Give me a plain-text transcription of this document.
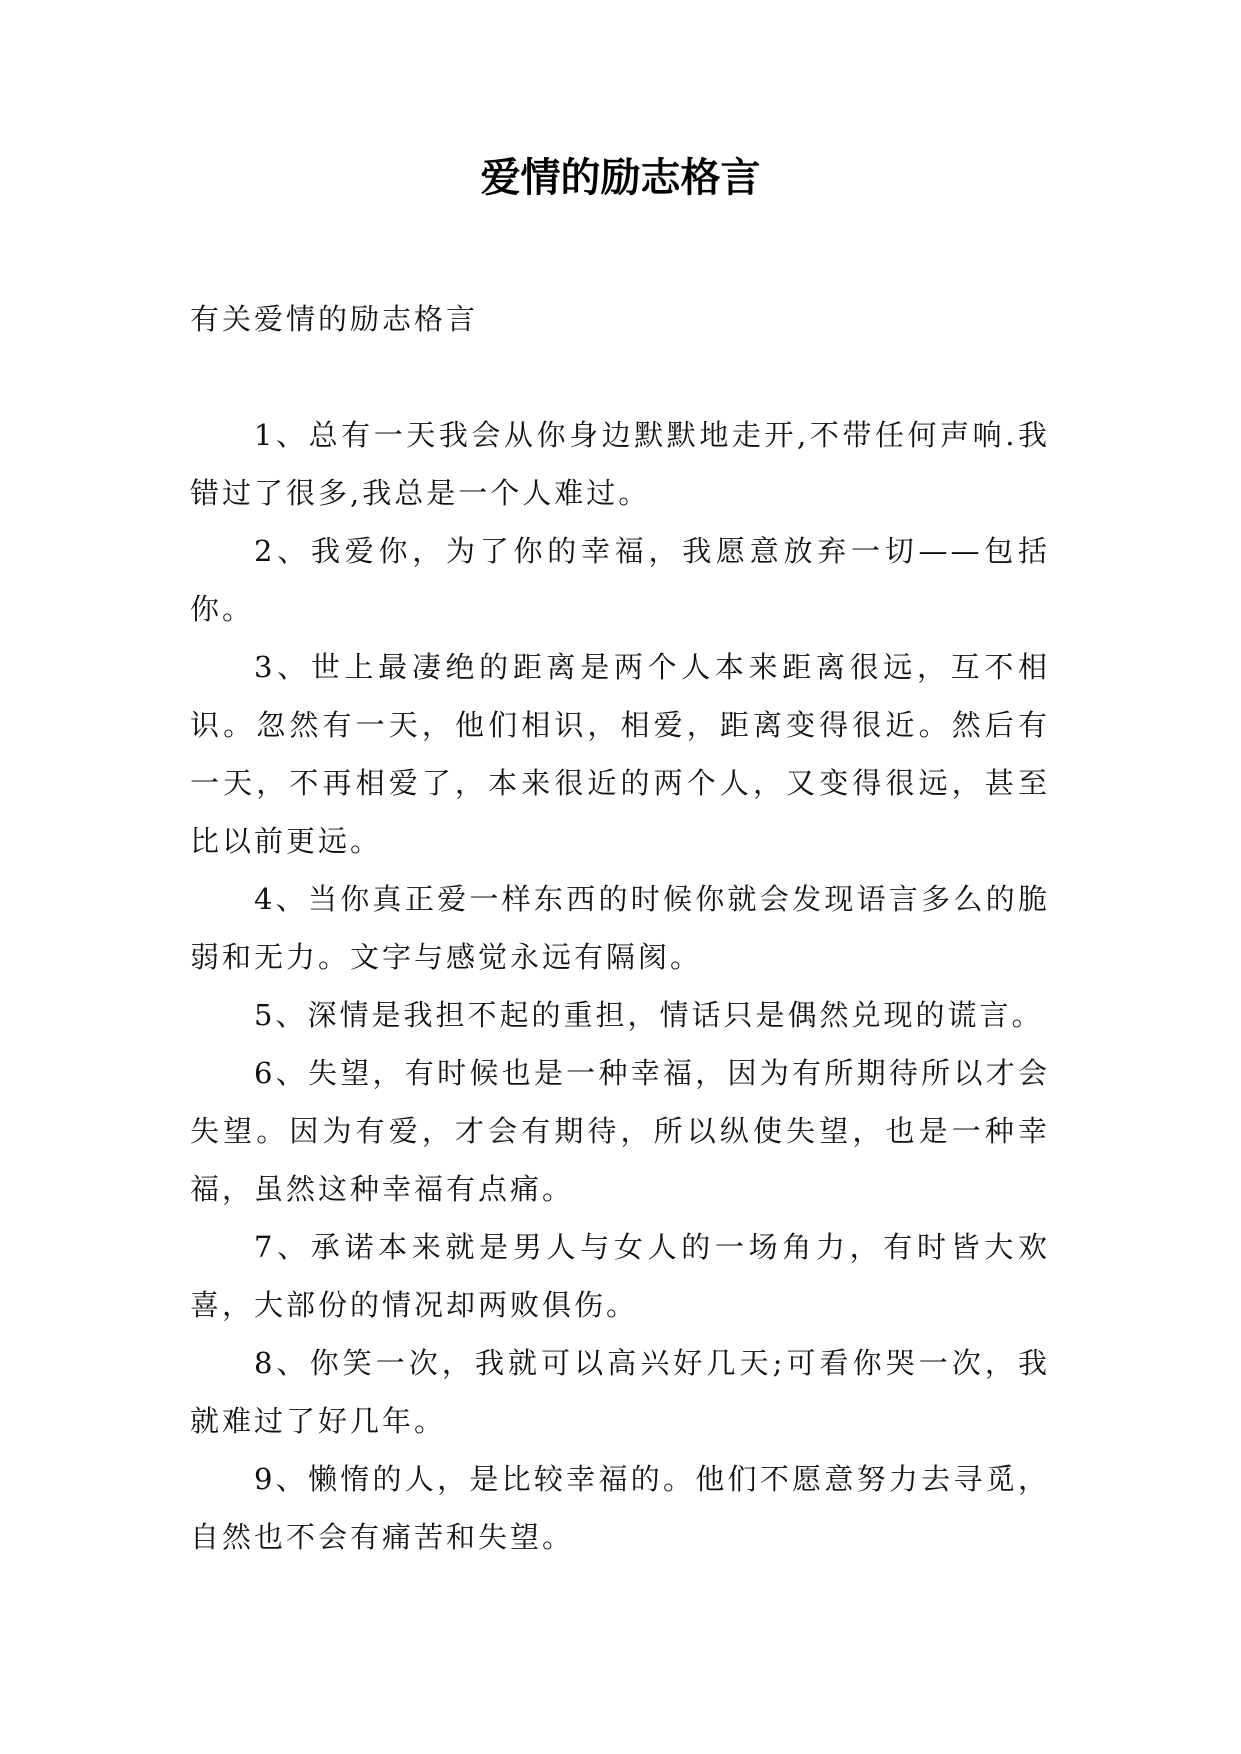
爱情的励志格言

有关爱情的励志格言

1、总有一天我会从你身边默默地走开,不带任何声响.我错过了很多,我总是一个人难过。

2、我爱你，为了你的幸福，我愿意放弃一切——包括你。

3、世上最凄绝的距离是两个人本来距离很远，互不相识。忽然有一天，他们相识，相爱，距离变得很近。然后有一天，不再相爱了，本来很近的两个人，又变得很远，甚至比以前更远。

4、当你真正爱一样东西的时候你就会发现语言多么的脆弱和无力。文字与感觉永远有隔阂。

5、深情是我担不起的重担，情话只是偶然兑现的谎言。

6、失望，有时候也是一种幸福，因为有所期待所以才会失望。因为有爱，才会有期待，所以纵使失望，也是一种幸福，虽然这种幸福有点痛。

7、承诺本来就是男人与女人的一场角力，有时皆大欢喜，大部份的情况却两败俱伤。

8、你笑一次，我就可以高兴好几天;可看你哭一次，我就难过了好几年。

9、懒惰的人，是比较幸福的。他们不愿意努力去寻觅，自然也不会有痛苦和失望。
